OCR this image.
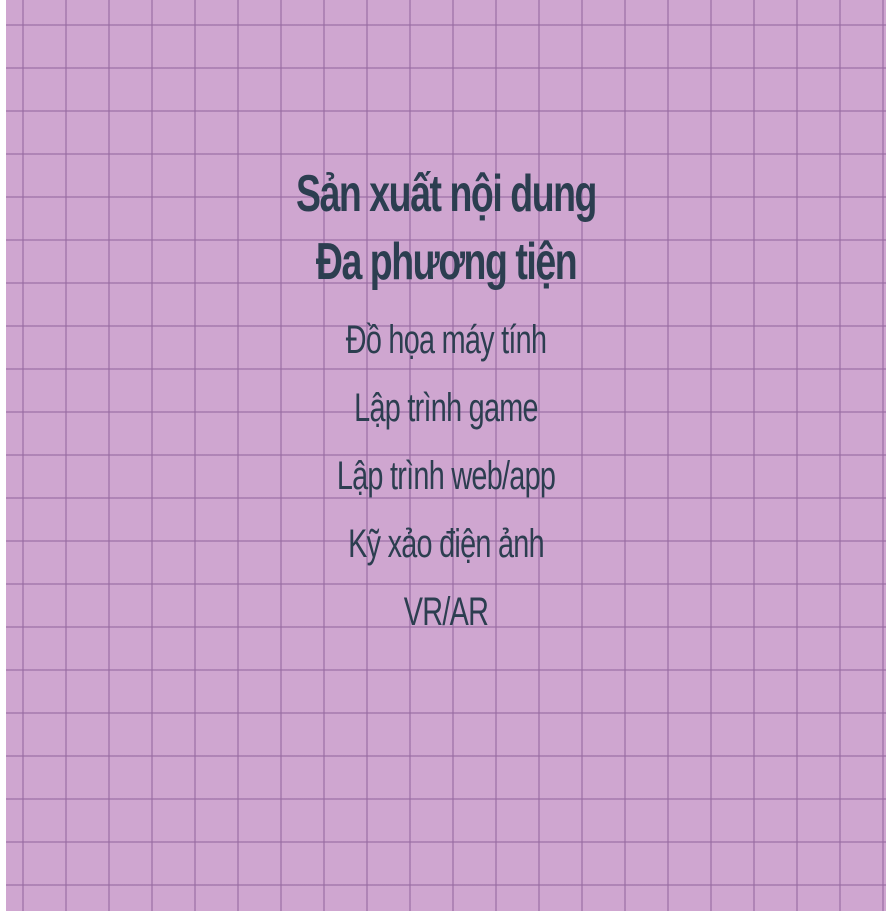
Sản xuất nội dung
Đa phương tiện
Đồ họa máy tính
Lập trình game
Lập trình web/app
Kỹ xảo điện ảnh
VR/AR
